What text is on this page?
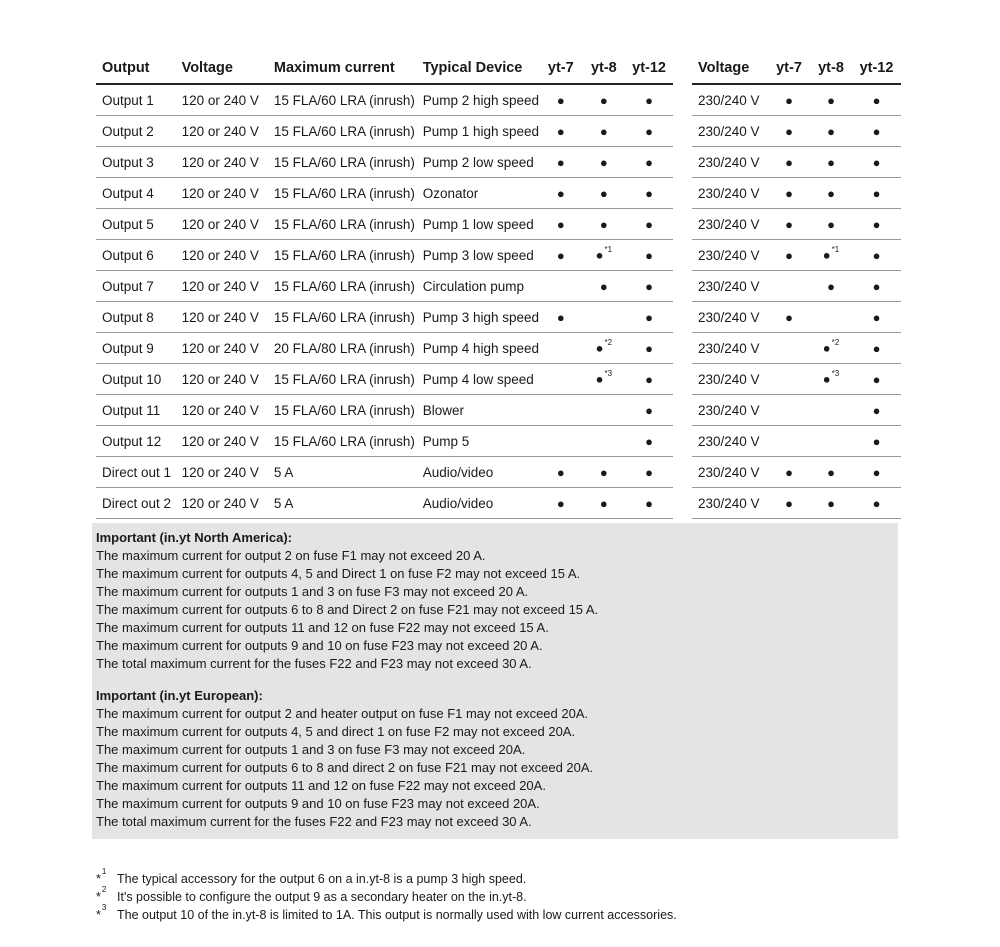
Output	Voltage	Maximum current	Typical Device	yt-7	yt-8	yt-12
Output 1	120 or 240 V	15 FLA/60 LRA (inrush)	Pump 2 high speed	●	●	●
Output 2	120 or 240 V	15 FLA/60 LRA (inrush)	Pump 1 high speed	●	●	●
Output 3	120 or 240 V	15 FLA/60 LRA (inrush)	Pump 2 low speed	●	●	●
Output 4	120 or 240 V	15 FLA/60 LRA (inrush)	Ozonator	●	●	●
Output 5	120 or 240 V	15 FLA/60 LRA (inrush)	Pump 1 low speed	●	●	●
Output 6	120 or 240 V	15 FLA/60 LRA (inrush)	Pump 3 low speed	●	●$^{*1}$	●
Output 7	120 or 240 V	15 FLA/60 LRA (inrush)	Circulation pump		●	●
Output 8	120 or 240 V	15 FLA/60 LRA (inrush)	Pump 3 high speed	●		●
Output 9	120 or 240 V	20 FLA/80 LRA (inrush)	Pump 4 high speed		●$^{*2}$	●
Output 10	120 or 240 V	15 FLA/60 LRA (inrush)	Pump 4 low speed		●$^{*3}$	●
Output 11	120 or 240 V	15 FLA/60 LRA (inrush)	Blower			●
Output 12	120 or 240 V	15 FLA/60 LRA (inrush)	Pump 5			●
Direct out 1	120 or 240 V	5 A	Audio/video	●	●	●
Direct out 2	120 or 240 V	5 A	Audio/video	●	●	●
Voltage	yt-7	yt-8	yt-12
230/240 V	●	●	●
230/240 V	●	●	●
230/240 V	●	●	●
230/240 V	●	●	●
230/240 V	●	●	●
230/240 V	●	●$^{*1}$	●
230/240 V		●	●
230/240 V	●		●
230/240 V		●$^{*2}$	●
230/240 V		●$^{*3}$	●
230/240 V			●
230/240 V			●
230/240 V	●	●	●
230/240 V	●	●	●
Important (in.yt North America):
The maximum current for output 2 on fuse F1 may not exceed 20 A.
The maximum current for outputs 4, 5 and Direct 1 on fuse F2 may not exceed 15 A.
The maximum current for outputs 1 and 3 on fuse F3 may not exceed 20 A.
The maximum current for outputs 6 to 8 and Direct 2 on fuse F21 may not exceed 15 A.
The maximum current for outputs 11 and 12 on fuse F22 may not exceed 15 A.
The maximum current for outputs 9 and 10 on fuse F23 may not exceed 20 A.
The total maximum current for the fuses F22 and F23 may not exceed 30 A.
Important (in.yt European):
The maximum current for output 2 and heater output on fuse F1 may not exceed 20A.
The maximum current for outputs 4, 5 and direct 1 on fuse F2 may not exceed 20A.
The maximum current for outputs 1 and 3 on fuse F3 may not exceed 20A.
The maximum current for outputs 6 to 8 and direct 2 on fuse F21 may not exceed 20A.
The maximum current for outputs 11 and 12 on fuse F22 may not exceed 20A.
The maximum current for outputs 9 and 10 on fuse F23 may not exceed 20A.
The total maximum current for the fuses F22 and F23 may not exceed 30 A.
*$^1$The typical accessory for the output 6 on a in.yt-8 is a pump 3 high speed.
*$^2$It's possible to configure the output 9 as a secondary heater on the in.yt-8.
*$^3$The output 10 of the in.yt-8 is limited to 1A. This output is normally used with low current accessories.
